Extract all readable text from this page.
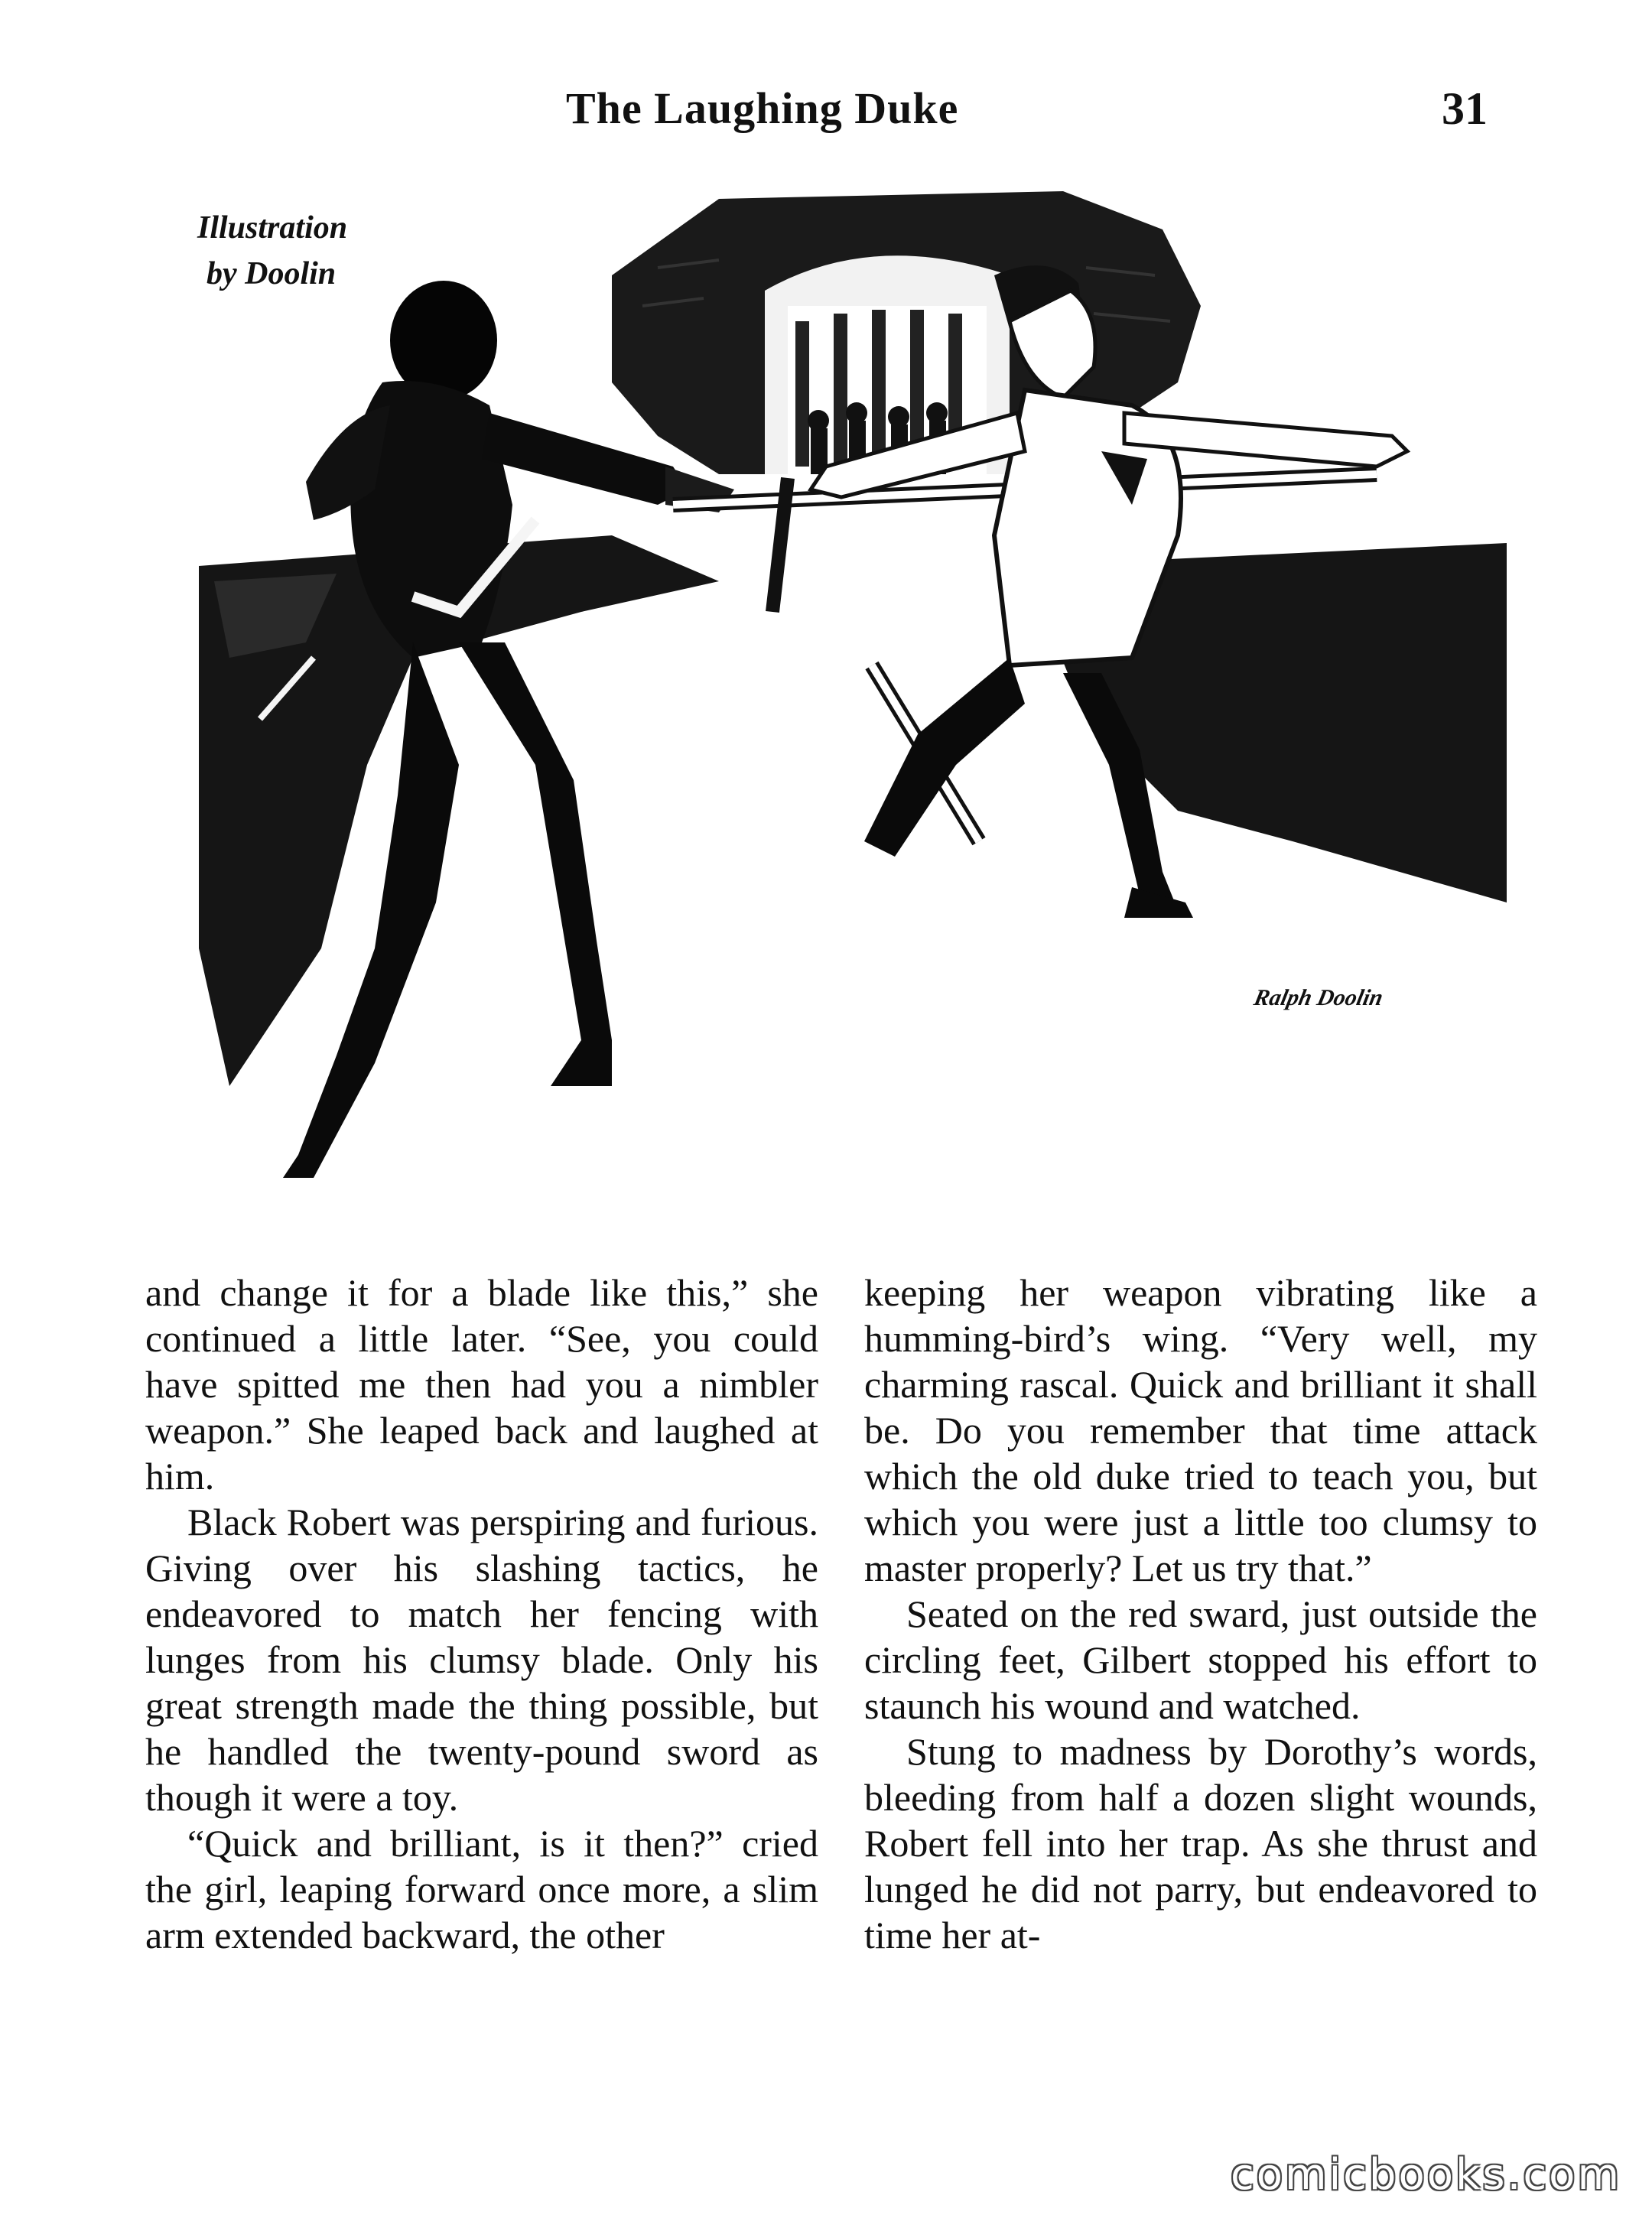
The Laughing Duke	31
Illustration
by Doolin
Ralph Doolin

and change it for a blade like this,” she continued a little later. “See, you could have spitted me then had you a nimbler weapon.” She leaped back and laughed at him.

Black Robert was perspiring and furious. Giving over his slashing tactics, he endeavored to match her fencing with lunges from his clumsy blade. Only his great strength made the thing possible, but he handled the twenty-pound sword as though it were a toy.

“Quick and brilliant, is it then?” cried the girl, leaping forward once more, a slim arm extended backward, the other

keeping her weapon vibrating like a humming-bird’s wing. “Very well, my charming rascal. Quick and brilliant it shall be. Do you remember that time attack which the old duke tried to teach you, but which you were just a little too clumsy to master properly? Let us try that.”

Seated on the red sward, just outside the circling feet, Gilbert stopped his effort to staunch his wound and watched.

Stung to madness by Dorothy’s words, bleeding from half a dozen slight wounds, Robert fell into her trap. As she thrust and lunged he did not parry, but endeavored to time her at-

comicbooks.com
